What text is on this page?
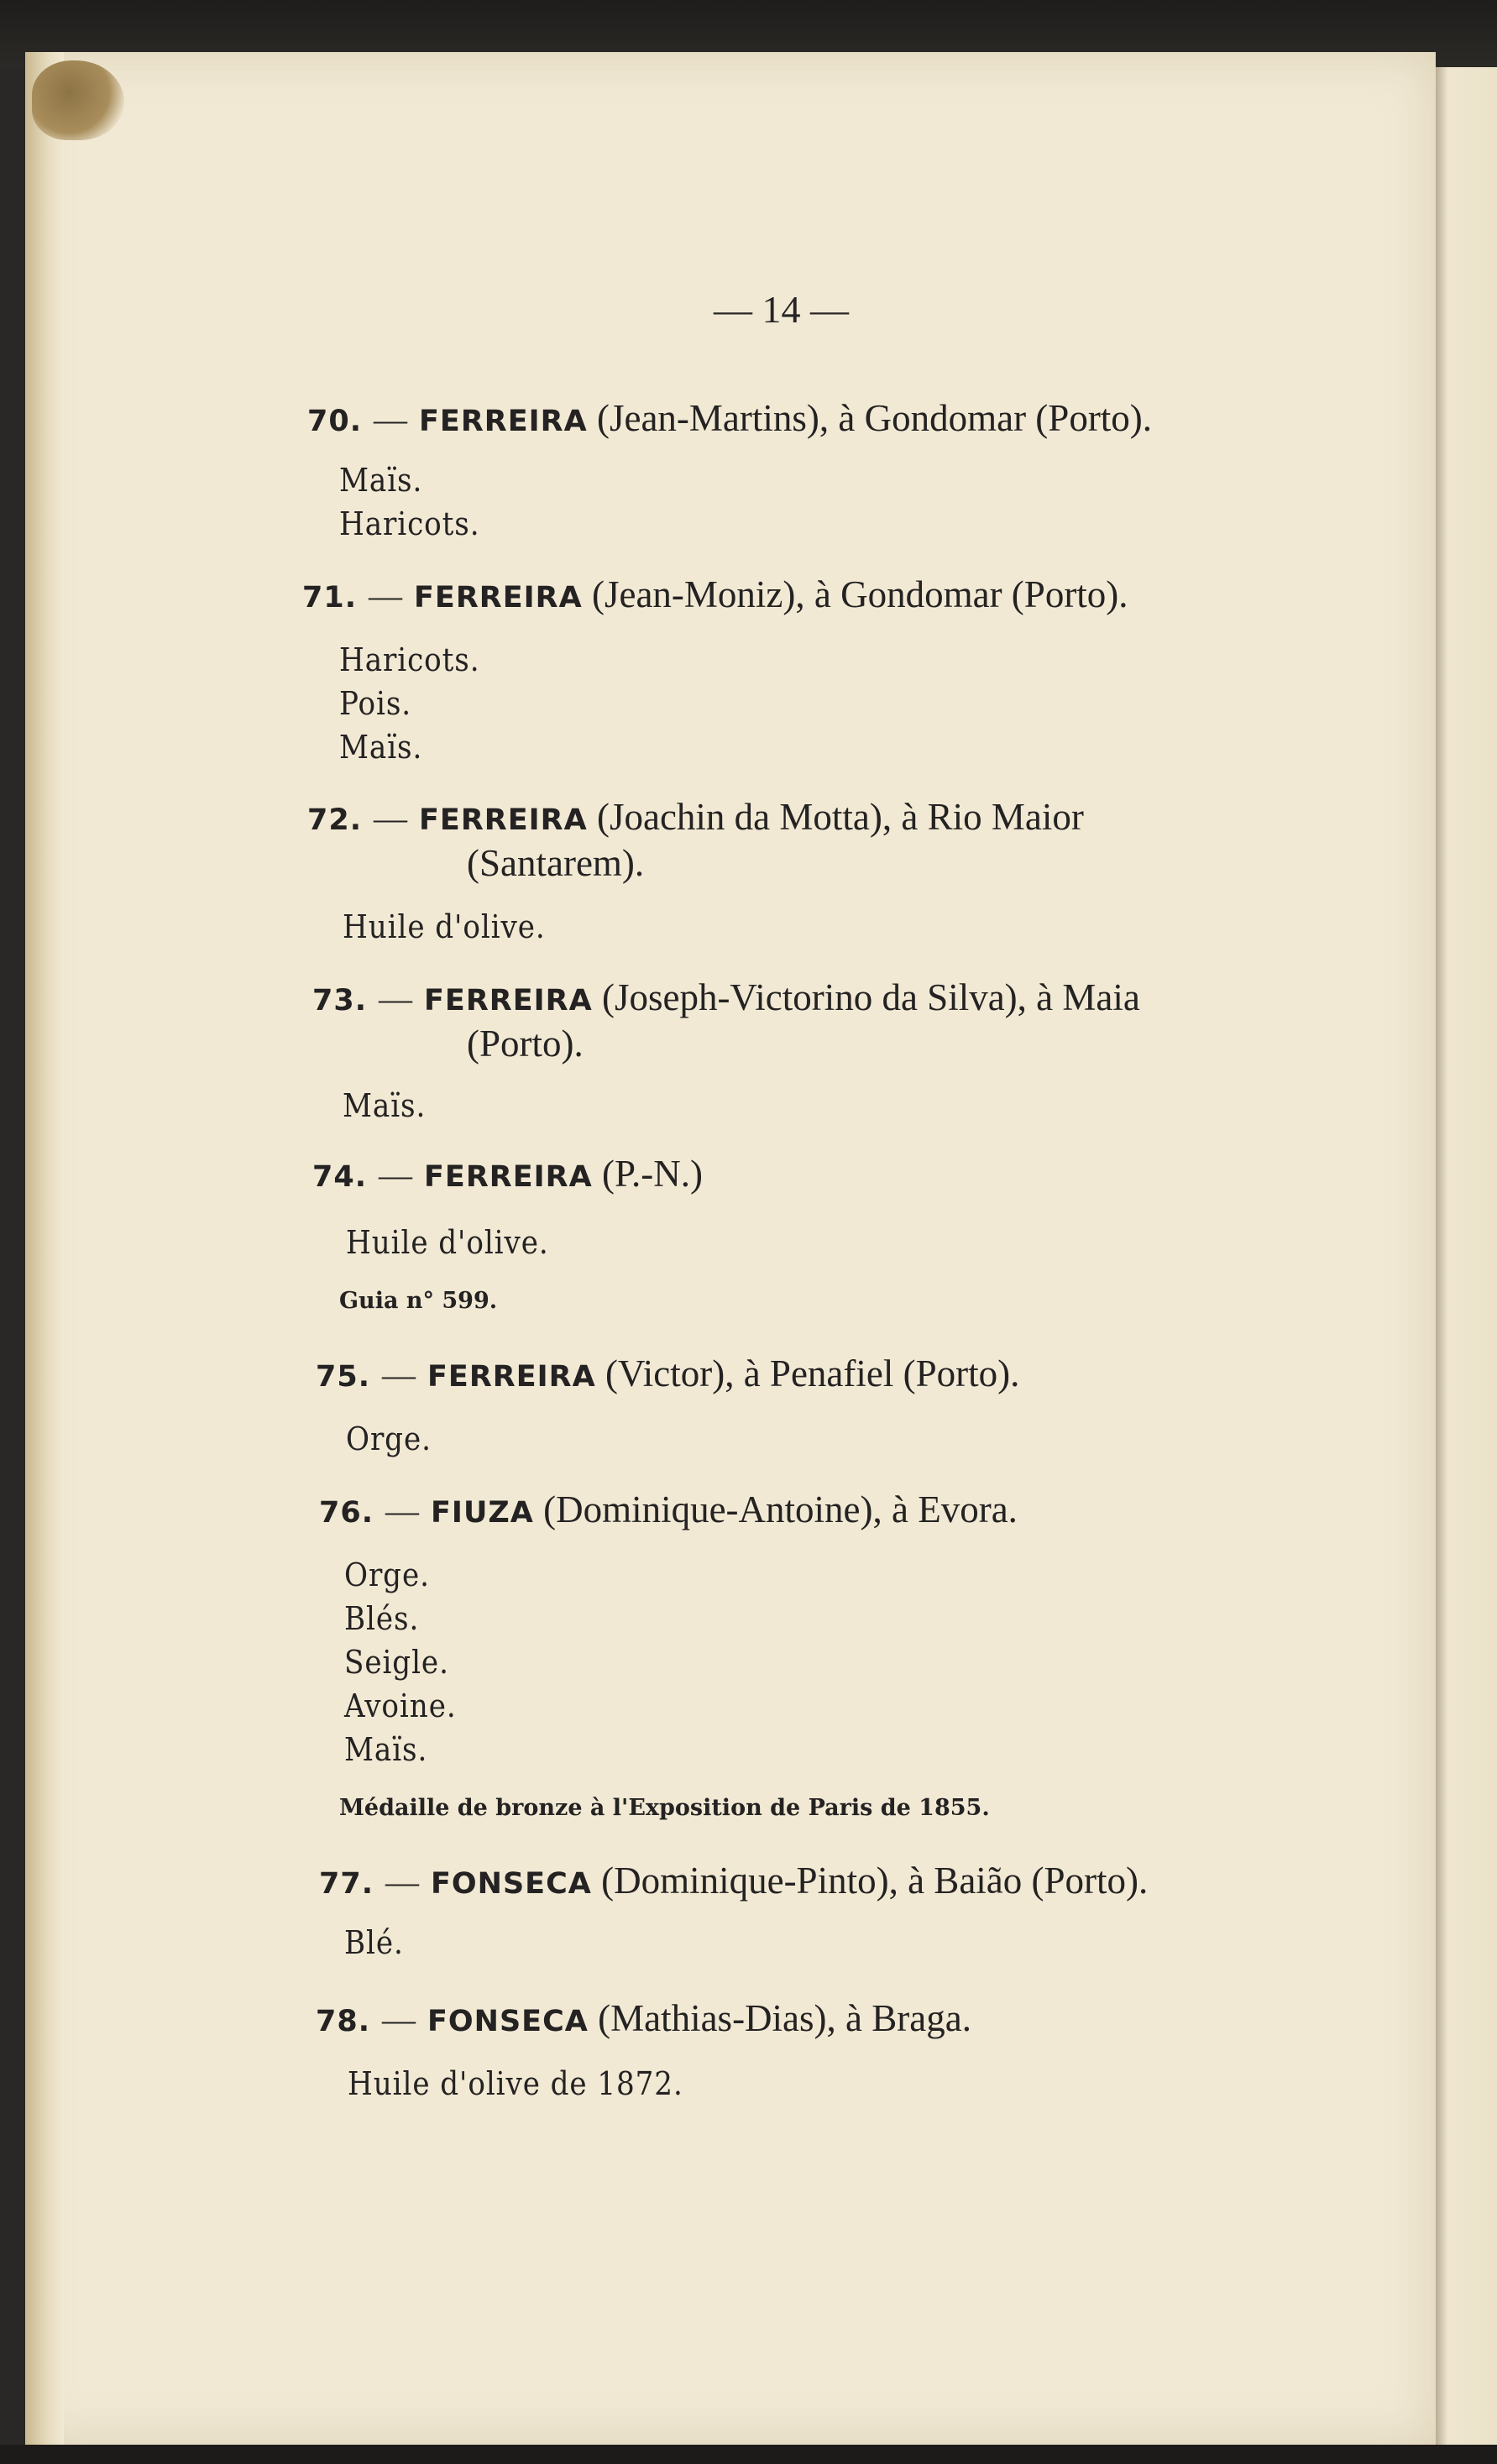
— 14 —
70. — FERREIRA (Jean-Martins), à Gondomar (Porto).
Maïs.
Haricots.
71. — FERREIRA (Jean-Moniz), à Gondomar (Porto).
Haricots.
Pois.
Maïs.
72. — FERREIRA (Joachin da Motta), à Rio Maior
(Santarem).
Huile d'olive.
73. — FERREIRA (Joseph-Victorino da Silva), à Maia
(Porto).
Maïs.
74. — FERREIRA (P.-N.)
Huile d'olive.
Guia n° 599.
75. — FERREIRA (Victor), à Penafiel (Porto).
Orge.
76. — FIUZA (Dominique-Antoine), à Evora.
Orge.
Blés.
Seigle.
Avoine.
Maïs.
Médaille de bronze à l'Exposition de Paris de 1855.
77. — FONSECA (Dominique-Pinto), à Baião (Porto).
Blé.
78. — FONSECA (Mathias-Dias), à Braga.
Huile d'olive de 1872.
